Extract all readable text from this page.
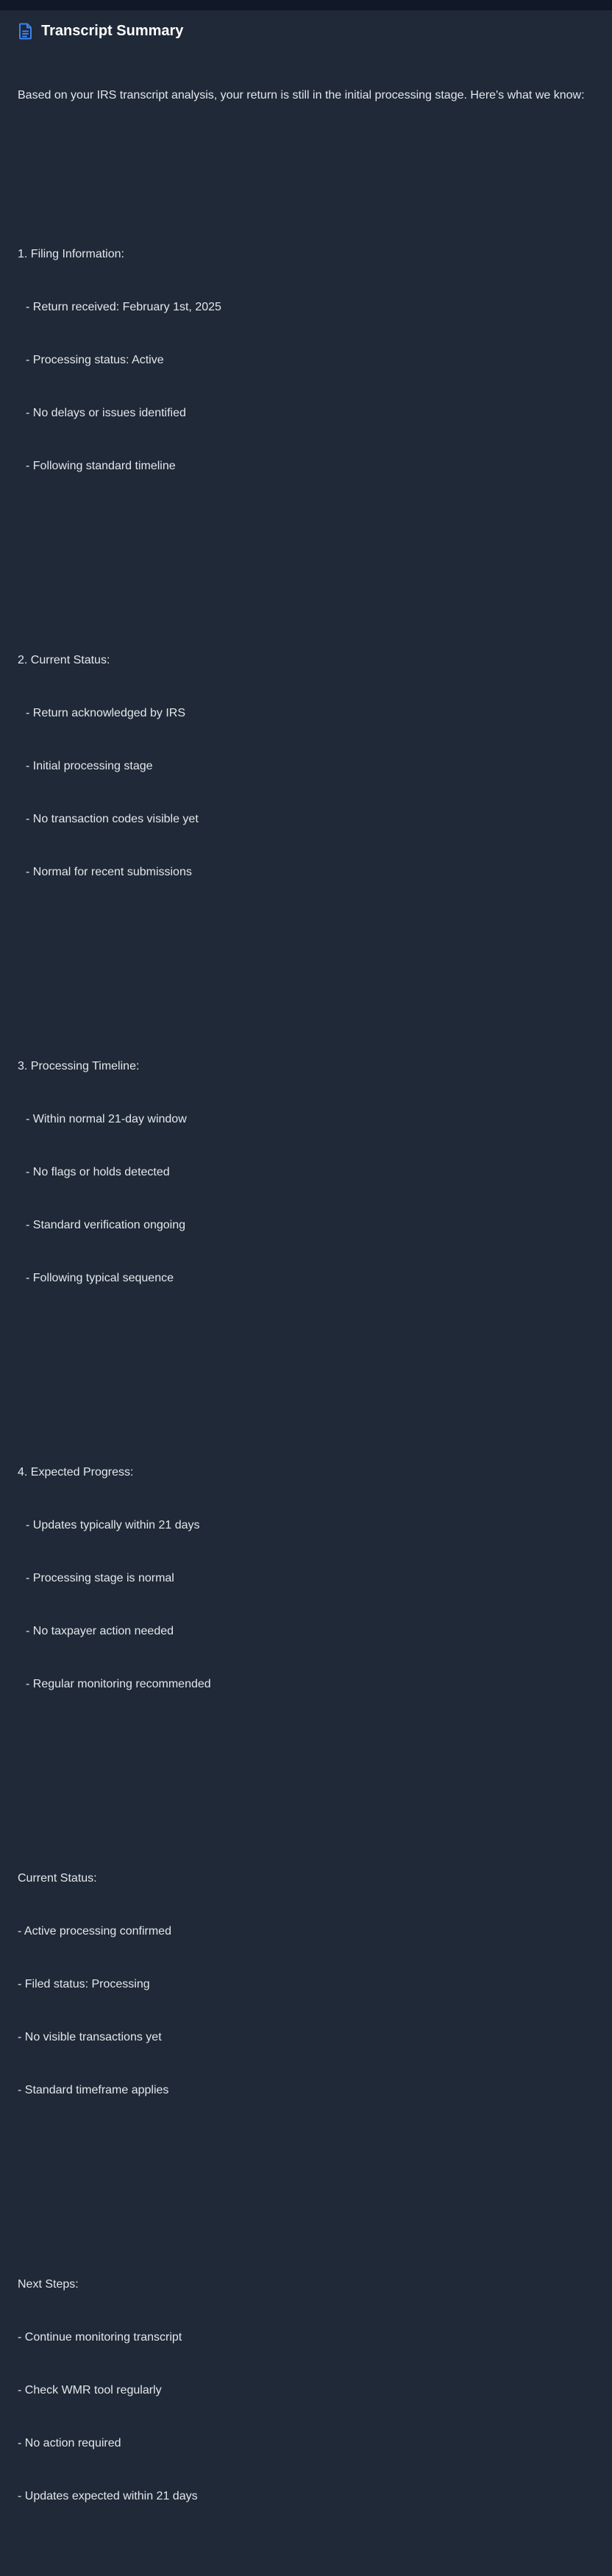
Transcript Summary

Based on your IRS transcript analysis, your return is still in the initial processing stage. Here's what we know:

1. Filing Information:

- Return received: February 1st, 2025

- Processing status: Active

- No delays or issues identified

- Following standard timeline

2. Current Status:

- Return acknowledged by IRS

- Initial processing stage

- No transaction codes visible yet

- Normal for recent submissions

3. Processing Timeline:

- Within normal 21-day window

- No flags or holds detected

- Standard verification ongoing

- Following typical sequence

4. Expected Progress:

- Updates typically within 21 days

- Processing stage is normal

- No taxpayer action needed

- Regular monitoring recommended

Current Status:

- Active processing confirmed

- Filed status: Processing

- No visible transactions yet

- Standard timeframe applies

Next Steps:

- Continue monitoring transcript

- Check WMR tool regularly

- No action required

- Updates expected within 21 days
